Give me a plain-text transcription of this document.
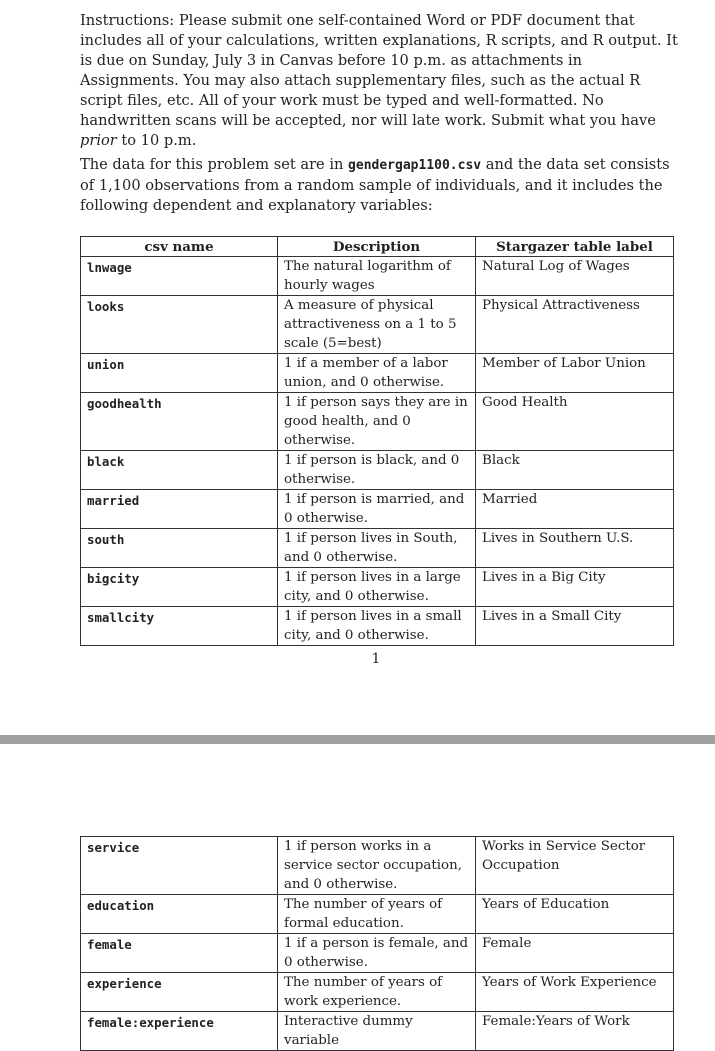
Instructions: Please submit one self-contained Word or PDF document that includes all of your calculations, written explanations, R scripts, and R output. It is due on Sunday, July 3 in Canvas before 10 p.m. as attachments in Assignments. You may also attach supplementary files, such as the actual R script files, etc. All of your work must be typed and well-formatted. No handwritten scans will be accepted, nor will late work. Submit what you have prior to 10 p.m.

The data for this problem set are in gendergap1100.csv and the data set consists of 1,100 observations from a random sample of individuals, and it includes the following dependent and explanatory variables:

csv name	Description	Stargazer table label
lnwage	The natural logarithm of hourly wages	Natural Log of Wages
looks	A measure of physical attractiveness on a 1 to 5 scale (5=best)	Physical Attractiveness
union	1 if a member of a labor union, and 0 otherwise.	Member of Labor Union
goodhealth	1 if person says they are in good health, and 0 otherwise.	Good Health
black	1 if person is black, and 0 otherwise.	Black
married	1 if person is married, and 0 otherwise.	Married
south	1 if person lives in South, and 0 otherwise.	Lives in Southern U.S.
bigcity	1 if person lives in a large city, and 0 otherwise.	Lives in a Big City
smallcity	1 if person lives in a small city, and 0 otherwise.	Lives in a Small City
1
service	1 if person works in a service sector occupation, and 0 otherwise.	Works in Service Sector Occupation
education	The number of years of formal education.	Years of Education
female	1 if a person is female, and 0 otherwise.	Female
experience	The number of years of work experience.	Years of Work Experience
female:experience	Interactive dummy variable	Female:Years of Work
